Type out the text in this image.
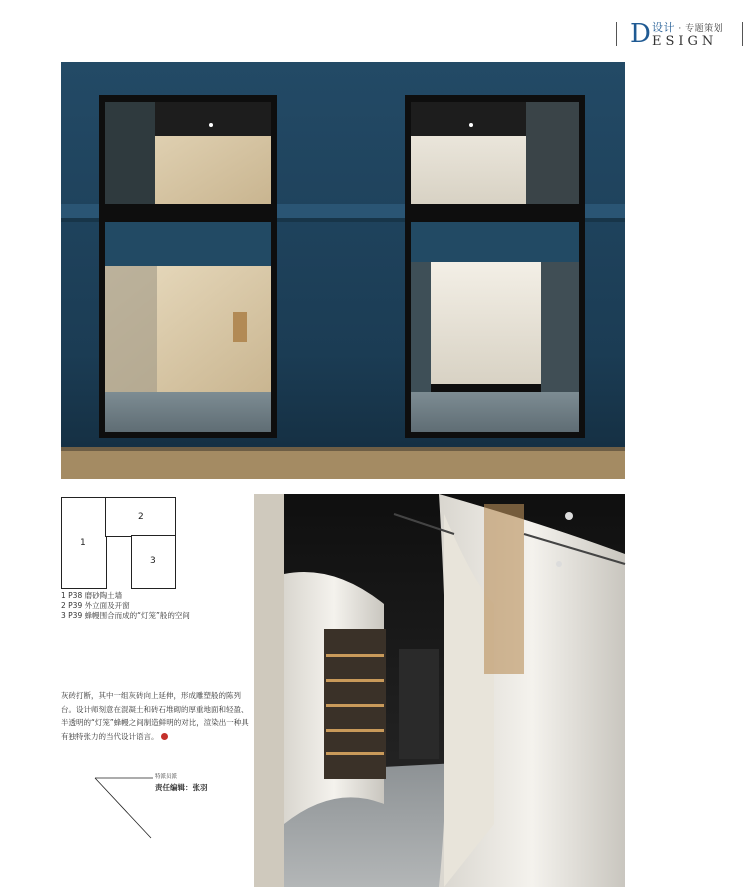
D 设计 · 专题策划
ESIGN
1
2
3
1 P38 磨砂陶土墙
2 P39 外立面及开窗
3 P39 蜂幔围合而成的“灯笼”般的空间
灰砖打断，其中一组灰砖向上延伸，形成雕塑般的陈列台。设计师刻意在混凝土和砖石堆砌的厚重地面和轻盈、半透明的“灯笼”蜂幔之间制造鲜明的对比，渲染出一种具有独特张力的当代设计语言。
特派员派
责任编辑：张羽
